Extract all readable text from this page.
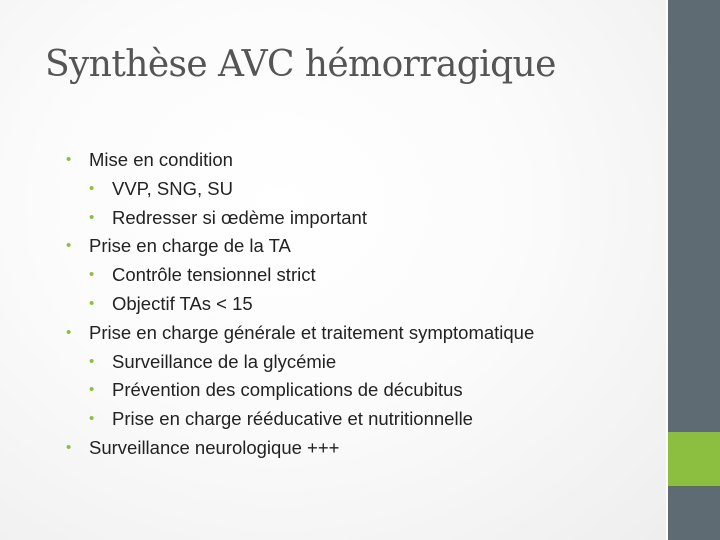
Synthèse AVC hémorragique
• Mise en condition
• VVP, SNG, SU
• Redresser si œdème important
• Prise en charge de la TA
• Contrôle tensionnel strict
• Objectif TAs < 15
• Prise en charge générale et traitement symptomatique
• Surveillance de la glycémie
• Prévention des complications de décubitus
• Prise en charge rééducative et nutritionnelle
• Surveillance neurologique +++
